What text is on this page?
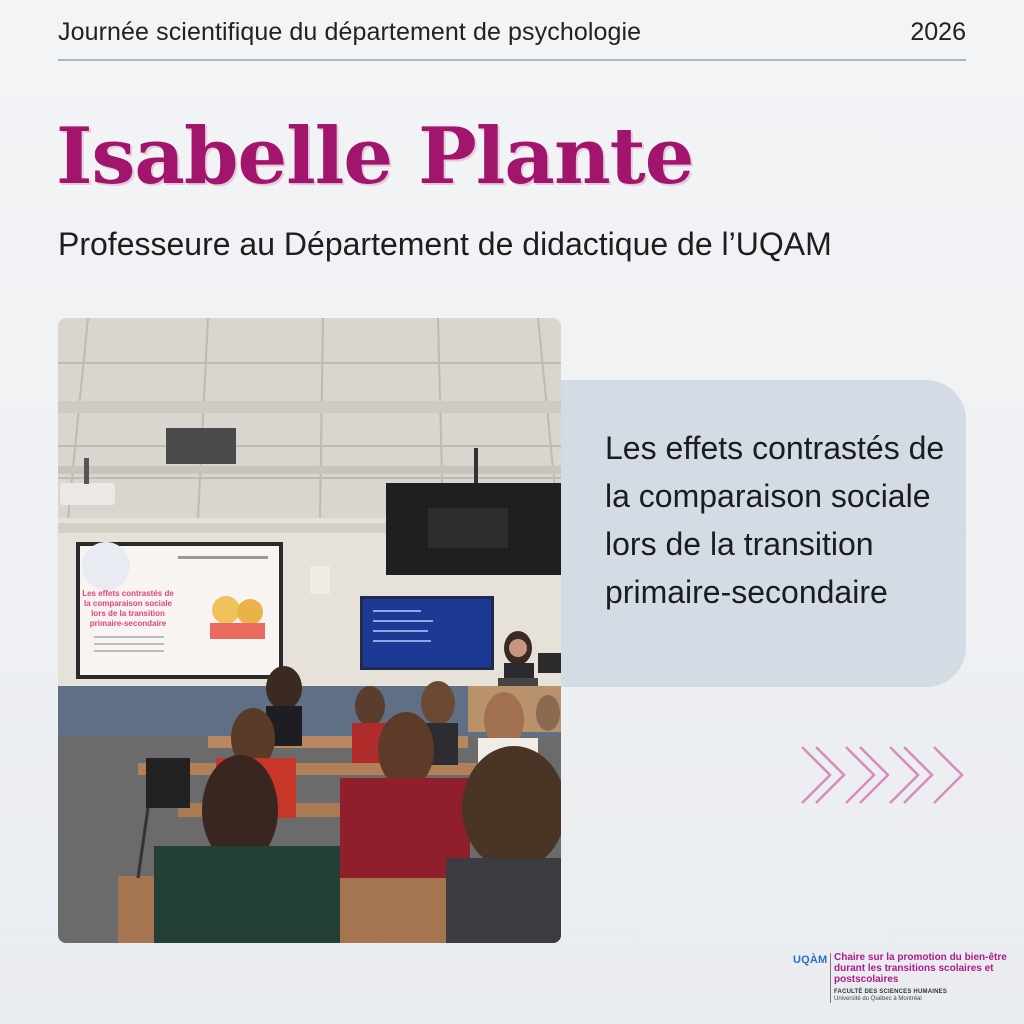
Journée scientifique du département de psychologie	2026
Isabelle Plante
Professeure au Département de didactique de l’UQAM
Les effets contrastés de
la comparaison sociale
lors de la transition
primaire-secondaire
Les effets contrastés de la comparaison sociale lors de la transition primaire-secondaire
UQÀM Chaire sur la promotion du bien-être durant les transitions scolaires et postscolaires
FACULTÉ DES SCIENCES HUMAINES
Université du Québec à Montréal
